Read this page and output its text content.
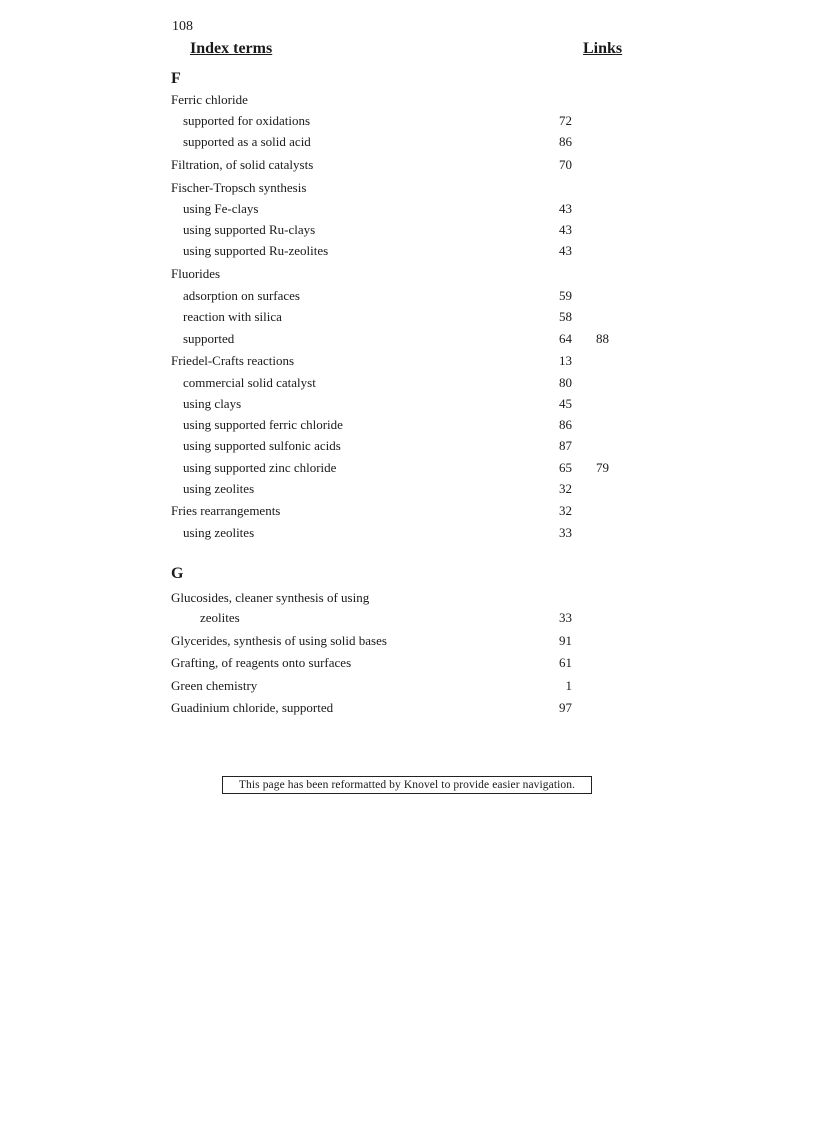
108
Index terms	Links
F
Ferric chloride
supported for oxidations	72
supported as a solid acid	86
Filtration, of solid catalysts	70
Fischer-Tropsch synthesis
using Fe-clays	43
using supported Ru-clays	43
using supported Ru-zeolites	43
Fluorides
adsorption on surfaces	59
reaction with silica	58
supported	64 88
Friedel-Crafts reactions	13
commercial solid catalyst	80
using clays	45
using supported ferric chloride	86
using supported sulfonic acids	87
using supported zinc chloride	65 79
using zeolites	32
Fries rearrangements	32
using zeolites	33
G
Glucosides, cleaner synthesis of using
zeolites	33
Glycerides, synthesis of using solid bases	91
Grafting, of reagents onto surfaces	61
Green chemistry	1
Guadinium chloride, supported	97
This page has been reformatted by Knovel to provide easier navigation.
